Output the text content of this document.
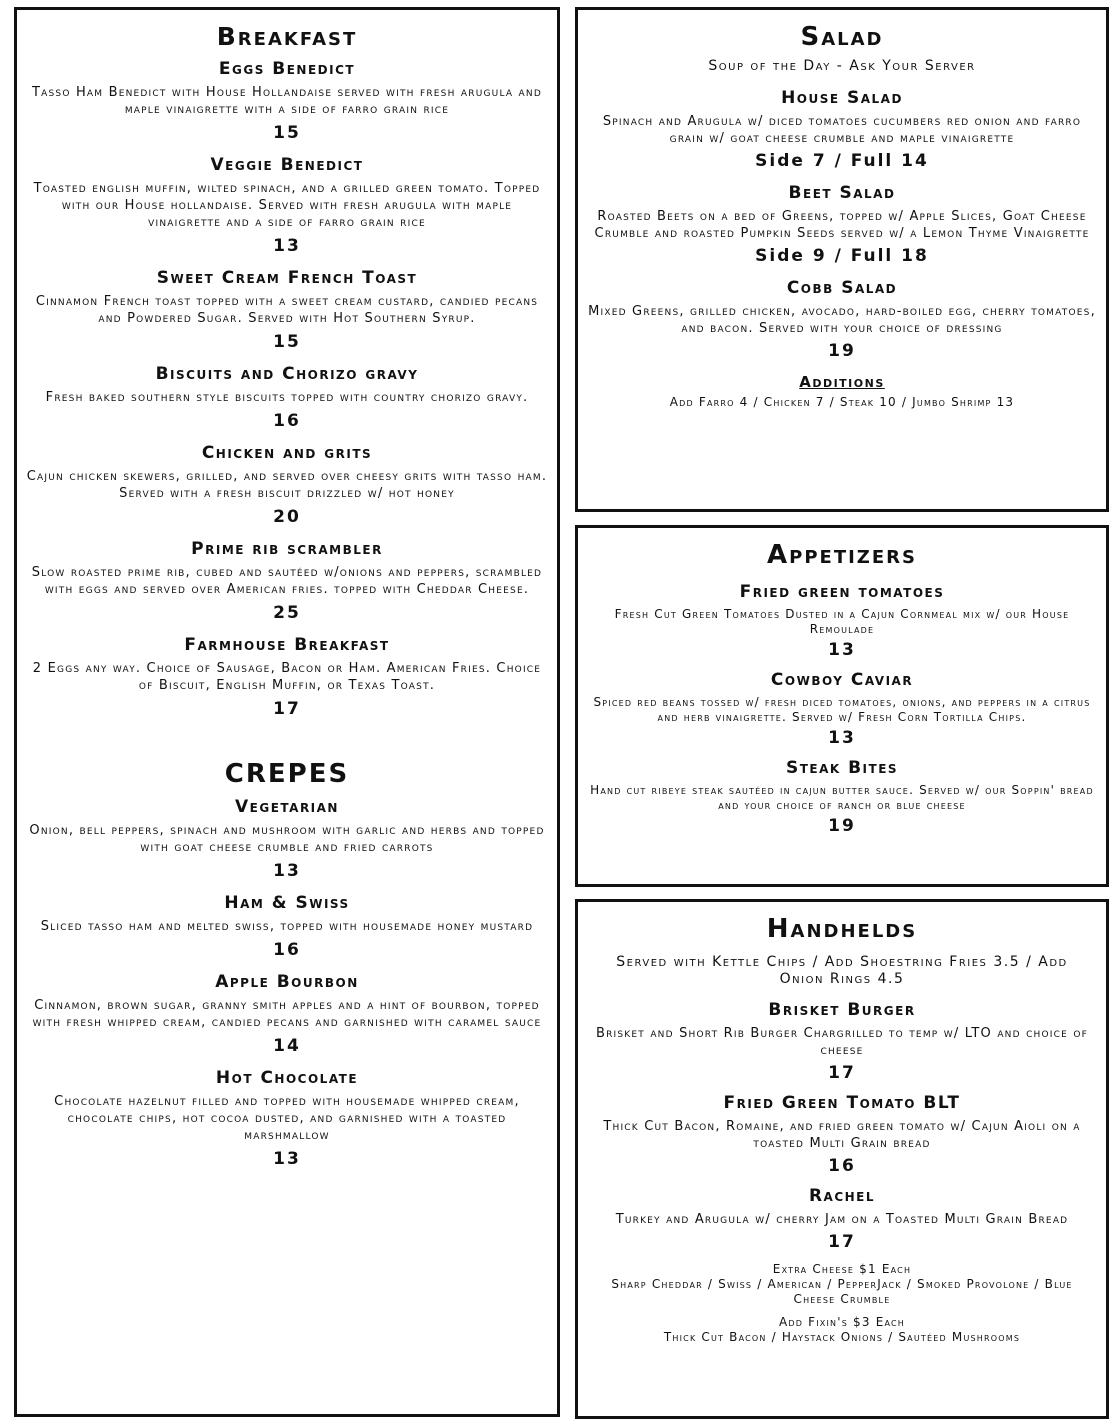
Breakfast
Eggs Benedict
Tasso Ham Benedict with House Hollandaise served with fresh arugula and maple vinaigrette with a side of farro grain rice
15
Veggie Benedict
Toasted english muffin, wilted spinach, and a grilled green tomato. Topped with our House hollandaise. Served with fresh arugula with maple vinaigrette and a side of farro grain rice
13
Sweet Cream French Toast
Cinnamon French toast topped with a sweet cream custard, candied pecans and Powdered Sugar. Served with Hot Southern Syrup.
15
Biscuits and Chorizo gravy
Fresh baked southern style biscuits topped with country chorizo gravy.
16
Chicken and grits
Cajun chicken skewers, grilled, and served over cheesy grits with tasso ham. Served with a fresh biscuit drizzled w/ hot honey
20
Prime rib scrambler
Slow roasted prime rib, cubed and sautéed w/onions and peppers, scrambled with eggs and served over American fries. topped with Cheddar Cheese.
25
Farmhouse Breakfast
2 Eggs any way. Choice of Sausage, Bacon or Ham. American Fries. Choice of Biscuit, English Muffin, or Texas Toast.
17
CREPES
Vegetarian
Onion, bell peppers, spinach and mushroom with garlic and herbs and topped with goat cheese crumble and fried carrots
13
Ham & Swiss
Sliced tasso ham and melted swiss, topped with housemade honey mustard
16
Apple Bourbon
Cinnamon, brown sugar, granny smith apples and a hint of bourbon, topped with fresh whipped cream, candied pecans and garnished with caramel sauce
14
Hot Chocolate
Chocolate hazelnut filled and topped with housemade whipped cream, chocolate chips, hot cocoa dusted, and garnished with a toasted marshmallow
13
Salad
Soup of the Day - Ask Your Server
House Salad
Spinach and Arugula w/ diced tomatoes cucumbers red onion and farro grain w/ goat cheese crumble and maple vinaigrette
Side 7 / Full 14
Beet Salad
Roasted Beets on a bed of Greens, topped w/ Apple Slices, Goat Cheese Crumble and roasted Pumpkin Seeds served w/ a Lemon Thyme Vinaigrette
Side 9 / Full 18
Cobb Salad
Mixed Greens, grilled chicken, avocado, hard-boiled egg, cherry tomatoes, and bacon. Served with your choice of dressing
19
Additions
Add Farro 4 / Chicken 7 / Steak 10 / Jumbo Shrimp 13
Appetizers
Fried green tomatoes
Fresh Cut Green Tomatoes Dusted in a Cajun Cornmeal mix w/ our House Remoulade
13
Cowboy Caviar
Spiced red beans tossed w/ fresh diced tomatoes, onions, and peppers in a citrus and herb vinaigrette. Served w/ Fresh Corn Tortilla Chips.
13
Steak Bites
Hand cut ribeye steak sautéed in cajun butter sauce. Served w/ our Soppin' bread and your choice of ranch or blue cheese
19
Handhelds
Served with Kettle Chips / Add Shoestring Fries 3.5 / Add Onion Rings 4.5
Brisket Burger
Brisket and Short Rib Burger Chargrilled to temp w/ LTO and choice of cheese
17
Fried Green Tomato BLT
Thick Cut Bacon, Romaine, and fried green tomato w/ Cajun Aioli on a toasted Multi Grain bread
16
Rachel
Turkey and Arugula w/ cherry Jam on a Toasted Multi Grain Bread
17
Extra Cheese $1 Each
Sharp Cheddar / Swiss / American / PepperJack / Smoked Provolone / Blue Cheese Crumble
Add Fixin's $3 Each
Thick Cut Bacon / Haystack Onions / Sautéed Mushrooms
